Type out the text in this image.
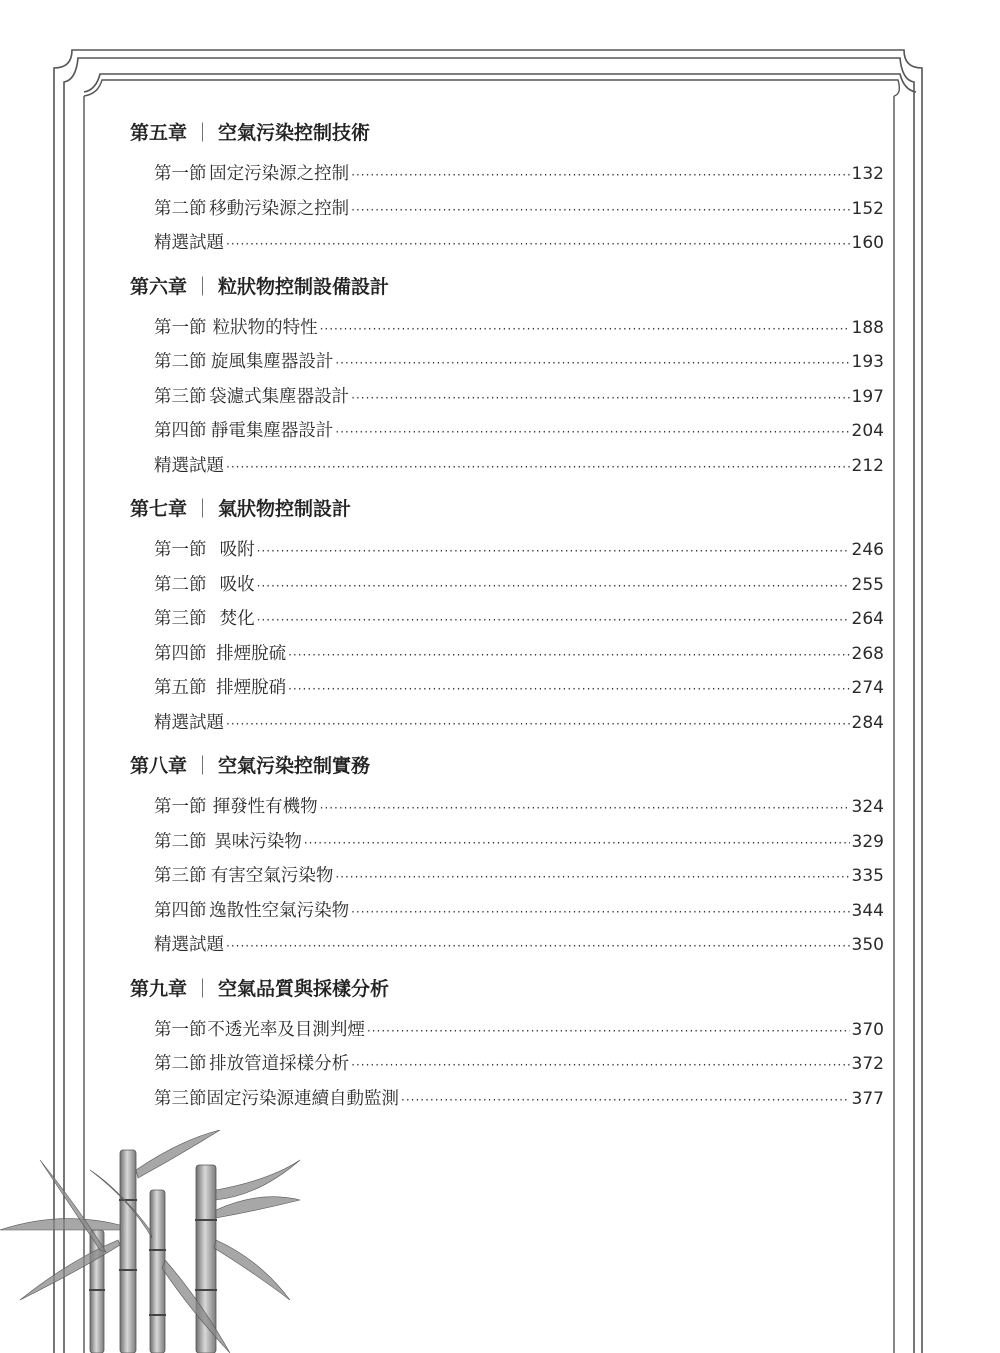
第五章 ｜ 空氣污染控制技術
第一節 固定污染源之控制 ·····	132
第二節 移動污染源之控制 ·····	152
精選試題 ·····	160
第六章 ｜ 粒狀物控制設備設計
第一節 粒狀物的特性 ·····	188
第二節 旋風集塵器設計 ·····	193
第三節 袋濾式集塵器設計 ·····	197
第四節 靜電集塵器設計 ·····	204
精選試題 ·····	212
第七章 ｜ 氣狀物控制設計
第一節 吸附 ·····	246
第二節 吸收 ·····	255
第三節 焚化 ·····	264
第四節 排煙脫硫 ·····	268
第五節 排煙脫硝 ·····	274
精選試題 ·····	284
第八章 ｜ 空氣污染控制實務
第一節 揮發性有機物 ·····	324
第二節 異味污染物 ·····	329
第三節 有害空氣污染物 ·····	335
第四節 逸散性空氣污染物 ·····	344
精選試題 ·····	350
第九章 ｜ 空氣品質與採樣分析
第一節 不透光率及目測判煙 ·····	370
第二節 排放管道採樣分析 ·····	372
第三節 固定污染源連續自動監測 ·····	377
